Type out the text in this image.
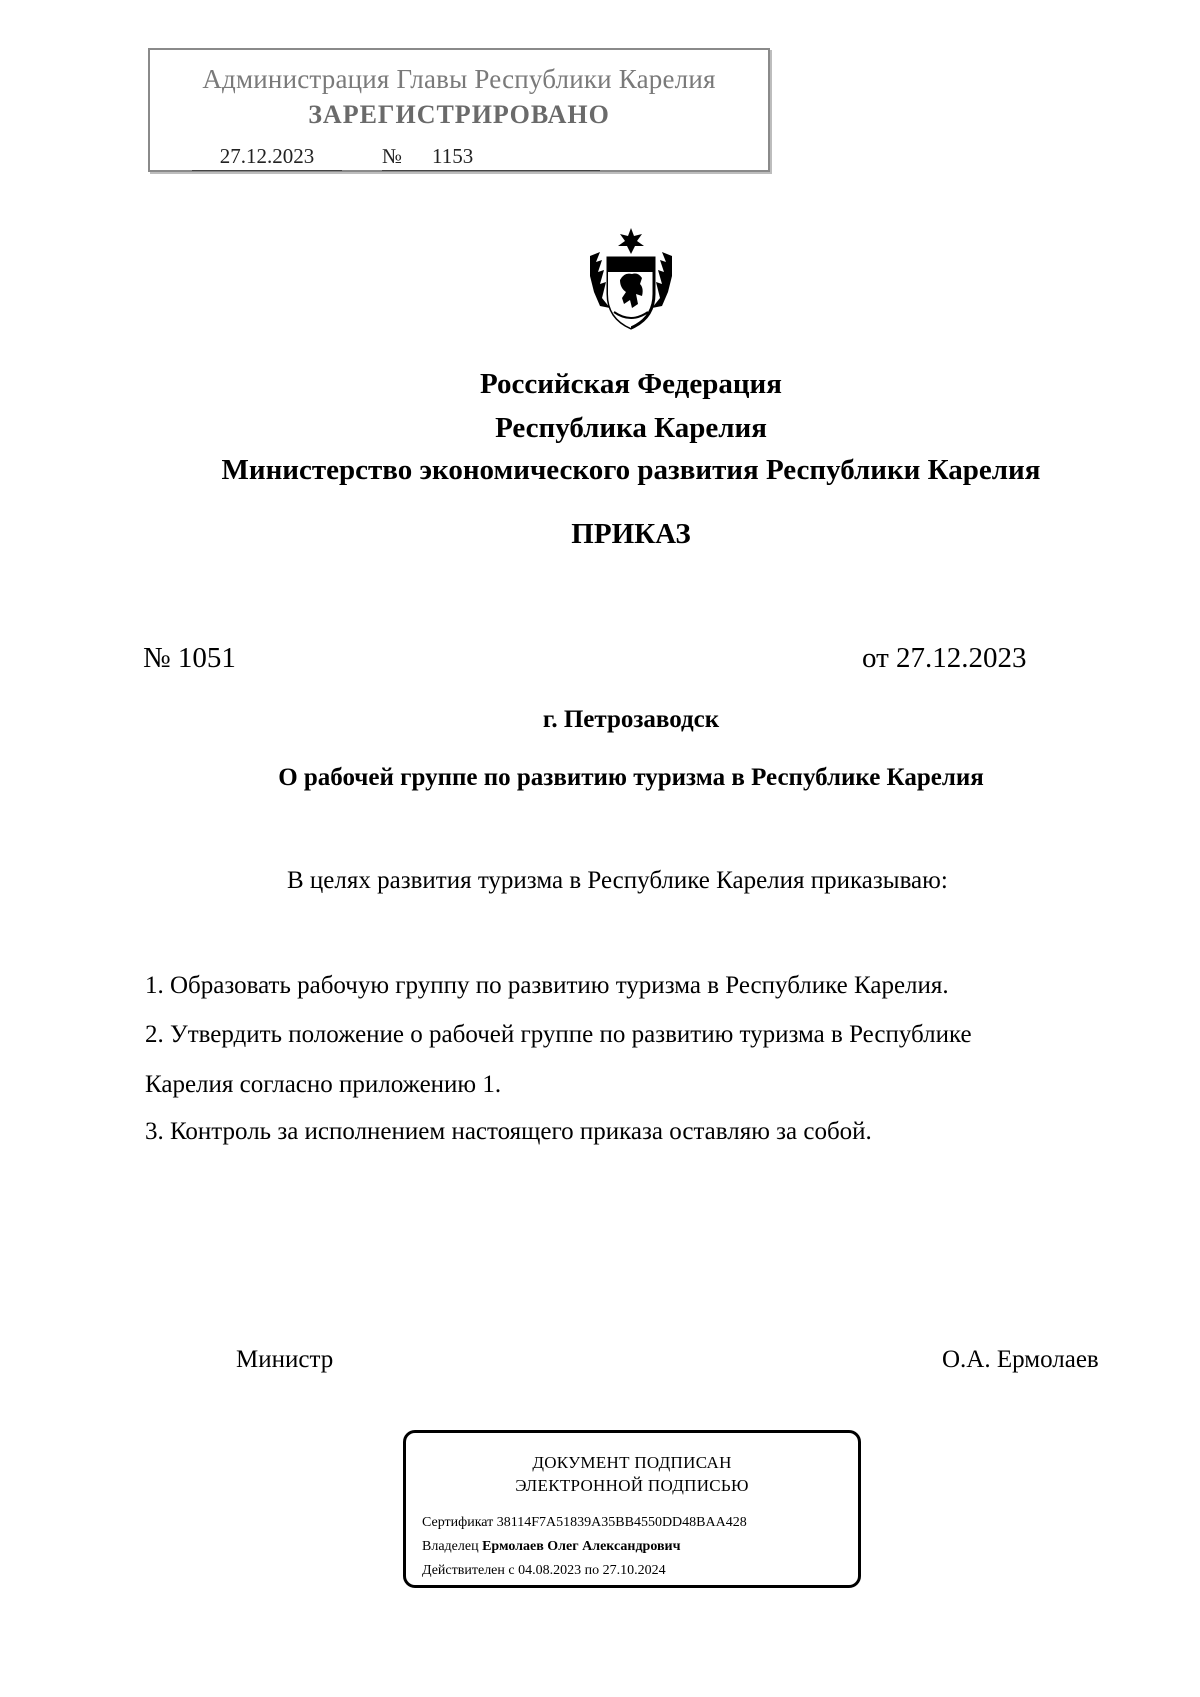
Администрация Главы Республики Карелия
ЗАРЕГИСТРИРОВАНО
27.12.2023	№	1153
Российская Федерация
Республика Карелия
Министерство экономического развития Республики Карелия
ПРИКАЗ
№ 1051	от 27.12.2023
г. Петрозаводск
О рабочей группе по развитию туризма в Республике Карелия
В целях развития туризма в Республике Карелия приказываю:
1. Образовать рабочую группу по развитию туризма в Республике Карелия.
2. Утвердить положение о рабочей группе по развитию туризма в Республике
Карелия согласно приложению 1.
3. Контроль за исполнением настоящего приказа оставляю за собой.
Министр	О.А. Ермолаев
ДОКУМЕНТ ПОДПИСАН
ЭЛЕКТРОННОЙ ПОДПИСЬЮ
Сертификат 38114F7A51839A35BB4550DD48BAA428
Владелец Ермолаев Олег Александрович
Действителен с 04.08.2023 по 27.10.2024
